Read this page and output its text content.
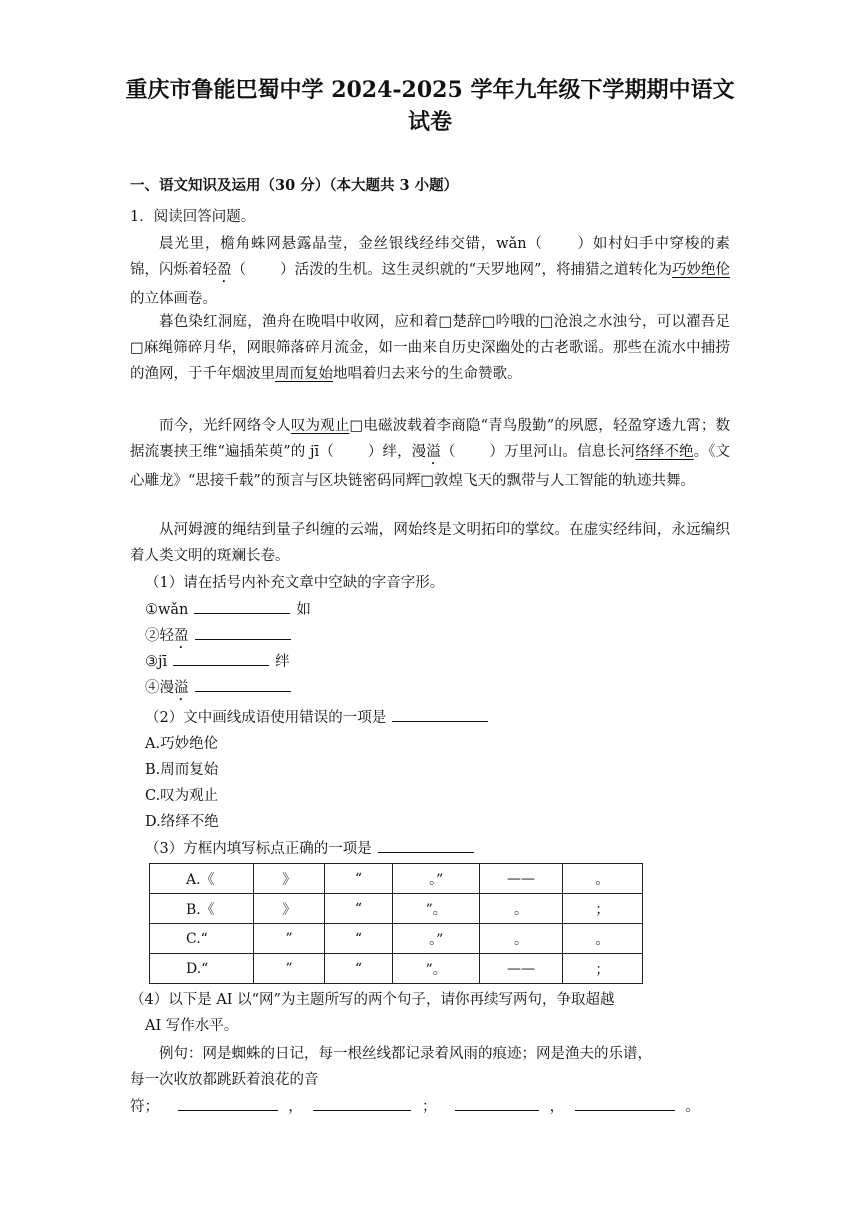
重庆市鲁能巴蜀中学 2024-2025 学年九年级下学期期中语文
试卷
一、语文知识及运用（30 分）（本大题共 3 小题）
1．阅读回答问题。
晨光里，檐角蛛网悬露晶莹，金丝银线经纬交错，wǎn（ ）如村妇手中穿梭的素锦，闪烁着轻盈（ ）活泼的生机。这生灵织就的“天罗地网”，将捕猎之道转化为巧妙绝伦的立体画卷。
暮色染红洞庭，渔舟在晚唱中收网，应和着□楚辞□吟哦的□沧浪之水浊兮，可以濯吾足□麻绳筛碎月华，网眼筛落碎月流金，如一曲来自历史深幽处的古老歌谣。那些在流水中捕捞的渔网，于千年烟波里周而复始地唱着归去来兮的生命赞歌。
而今，光纤网络令人叹为观止□电磁波载着李商隐“青鸟殷勤”的夙愿，轻盈穿透九霄；数据流裹挟王维“遍插茱萸”的 jī（ ）绊，漫溢（ ）万里河山。信息长河络绎不绝。《文心雕龙》“思接千载”的预言与区块链密码同辉□敦煌飞天的飘带与人工智能的轨迹共舞。
从河姆渡的绳结到量子纠缠的云端，网始终是文明拓印的掌纹。在虚实经纬间，永远编织着人类文明的斑斓长卷。
（1）请在括号内补充文章中空缺的字音字形。
①wǎn	如
②轻盈
③jī	绊
④漫溢
（2）文中画线成语使用错误的一项是
A.巧妙绝伦
B.周而复始
C.叹为观止
D.络绎不绝
（3）方框内填写标点正确的一项是
A.《	》	“	。”	——	。
B.《	》	“	”。	。	；
C.“	”	“	。”	。	。
D.“	”	“	”。	——	；
（4）以下是 AI 以“网”为主题所写的两个句子，请你再续写两句，争取超越
AI 写作水平。
例句：网是蜘蛛的日记，每一根丝线都记录着风雨的痕迹；网是渔夫的乐谱，
每一次收放都跳跃着浪花的音
符；	，	；	，	。
